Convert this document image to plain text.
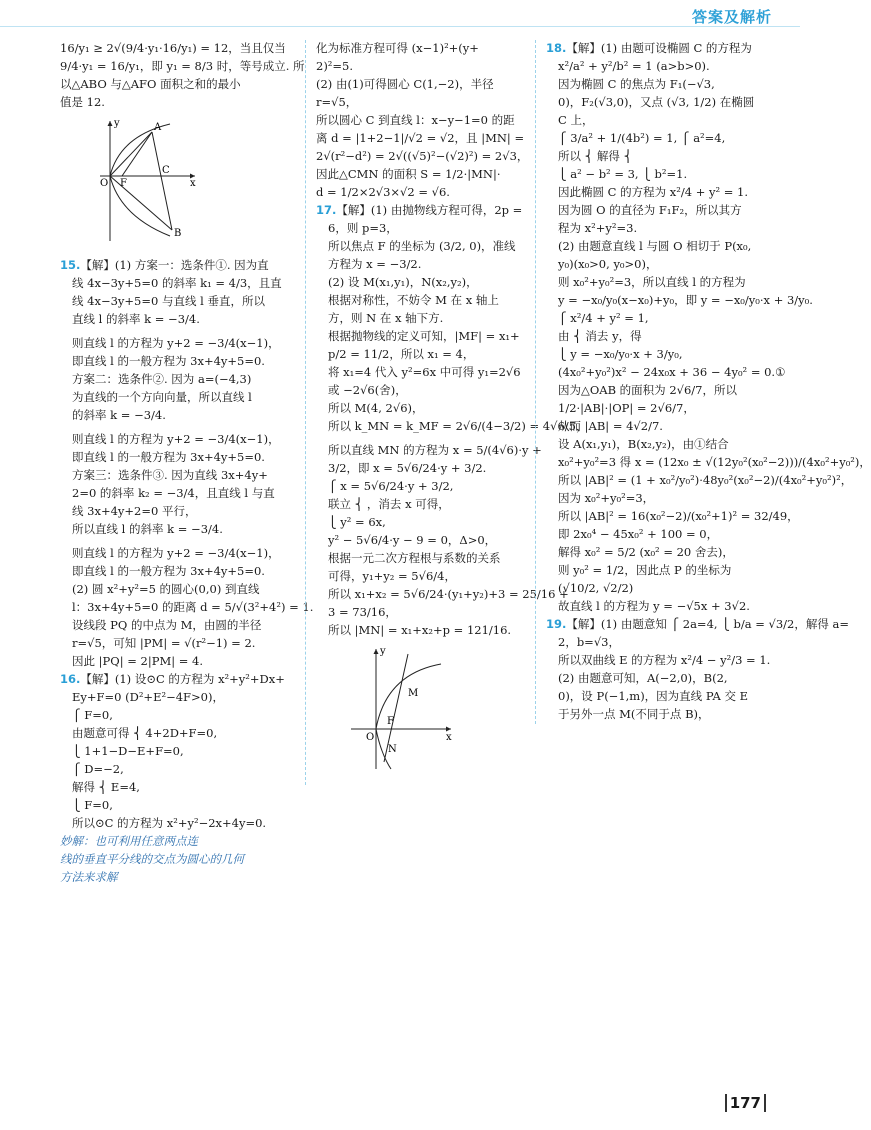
答案及解析
16/y₁ ≥ 2√(9/4·y₁·16/y₁) = 12，当且仅当
9/4·y₁ = 16/y₁，即 y₁ = 8/3 时，等号成立. 所
以△ABO 与△AFO 面积之和的最小
值是 12.
A
C
B
O F	x
y
15.【解】(1) 方案一：选条件①. 因为直
线 4x−3y+5=0 的斜率 k₁ = 4/3，且直
线 4x−3y+5=0 与直线 l 垂直，所以
直线 l 的斜率 k = −3/4.
则直线 l 的方程为 y+2 = −3/4(x−1)，
即直线 l 的一般方程为 3x+4y+5=0.
方案二：选条件②. 因为 a=(−4,3)
为直线的一个方向向量，所以直线 l
的斜率 k = −3/4.
则直线 l 的方程为 y+2 = −3/4(x−1)，
即直线 l 的一般方程为 3x+4y+5=0.
方案三：选条件③. 因为直线 3x+4y+
2=0 的斜率 k₂ = −3/4，且直线 l 与直
线 3x+4y+2=0 平行，
所以直线 l 的斜率 k = −3/4.
则直线 l 的方程为 y+2 = −3/4(x−1)，
即直线 l 的一般方程为 3x+4y+5=0.
(2) 圆 x²+y²=5 的圆心(0,0) 到直线
l：3x+4y+5=0 的距离 d = 5/√(3²+4²) = 1.
设线段 PQ 的中点为 M，由圆的半径
r=√5，可知 |PM| = √(r²−1) = 2.
因此 |PQ| = 2|PM| = 4.
16.【解】(1) 设⊙C 的方程为 x²+y²+Dx+
Ey+F=0 (D²+E²−4F>0)，
⎧ F=0,
由题意可得 ⎨ 4+2D+F=0,
⎩ 1+1−D−E+F=0,
⎧ D=−2,
解得 ⎨ E=4,
⎩ F=0,
所以⊙C 的方程为 x²+y²−2x+4y=0.
妙解：也可利用任意两点连
线的垂直平分线的交点为圆心的几何
方法来求解
化为标准方程可得 (x−1)²+(y+
2)²=5.
(2) 由(1)可得圆心 C(1,−2)，半径
r=√5，
所以圆心 C 到直线 l：x−y−1=0 的距
离 d = |1+2−1|/√2 = √2，且 |MN| =
2√(r²−d²) = 2√((√5)²−(√2)²) = 2√3，
因此△CMN 的面积 S = 1/2·|MN|·
d = 1/2×2√3×√2 = √6.
17.【解】(1) 由抛物线方程可得，2p =
6，则 p=3，
所以焦点 F 的坐标为 (3/2, 0)，准线
方程为 x = −3/2.
(2) 设 M(x₁,y₁)，N(x₂,y₂)，
根据对称性，不妨令 M 在 x 轴上
方，则 N 在 x 轴下方.
根据抛物线的定义可知，|MF| = x₁+
p/2 = 11/2，所以 x₁ = 4，
将 x₁=4 代入 y²=6x 中可得 y₁=2√6
或 −2√6(舍)，
所以 M(4, 2√6)，
所以 k_MN = k_MF = 2√6/(4−3/2) = 4√6/5，
所以直线 MN 的方程为 x = 5/(4√6)·y +
3/2，即 x = 5√6/24·y + 3/2.
⎧ x = 5√6/24·y + 3/2,
联立 ⎨ ，消去 x 可得，
⎩ y² = 6x,
y² − 5√6/4·y − 9 = 0，Δ>0，
根据一元二次方程根与系数的关系
可得，y₁+y₂ = 5√6/4，
所以 x₁+x₂ = 5√6/24·(y₁+y₂)+3 = 25/16 +
3 = 73/16，
所以 |MN| = x₁+x₂+p = 121/16.
M
F
O
N
x
y
18.【解】(1) 由题可设椭圆 C 的方程为
x²/a² + y²/b² = 1 (a>b>0).
因为椭圆 C 的焦点为 F₁(−√3,
0)，F₂(√3,0)，又点 (√3, 1/2) 在椭圆
C 上，
⎧ 3/a² + 1/(4b²) = 1, ⎧ a²=4,
所以 ⎨ 解得 ⎨
⎩ a² − b² = 3, ⎩ b²=1.
因此椭圆 C 的方程为 x²/4 + y² = 1.
因为圆 O 的直径为 F₁F₂，所以其方
程为 x²+y²=3.
(2) 由题意直线 l 与圆 O 相切于 P(x₀,
y₀)(x₀>0, y₀>0)，
则 x₀²+y₀²=3，所以直线 l 的方程为
y = −x₀/y₀(x−x₀)+y₀，即 y = −x₀/y₀·x + 3/y₀.
⎧ x²/4 + y² = 1,
由 ⎨ 消去 y，得
⎩ y = −x₀/y₀·x + 3/y₀,
(4x₀²+y₀²)x² − 24x₀x + 36 − 4y₀² = 0.①
因为△OAB 的面积为 2√6/7，所以
1/2·|AB|·|OP| = 2√6/7，
从而 |AB| = 4√2/7.
设 A(x₁,y₁)，B(x₂,y₂)，由①结合
x₀²+y₀²=3 得 x = (12x₀ ± √(12y₀²(x₀²−2)))/(4x₀²+y₀²)，
所以 |AB|² = (1 + x₀²/y₀²)·48y₀²(x₀²−2)/(4x₀²+y₀²)²，
因为 x₀²+y₀²=3，
所以 |AB|² = 16(x₀²−2)/(x₀²+1)² = 32/49，
即 2x₀⁴ − 45x₀² + 100 = 0，
解得 x₀² = 5/2 (x₀² = 20 舍去)，
则 y₀² = 1/2，因此点 P 的坐标为
(√10/2, √2/2)
故直线 l 的方程为 y = −√5x + 3√2.
19.【解】(1) 由题意知 ⎧ 2a=4, ⎩ b/a = √3/2，解得 a=
2，b=√3，
所以双曲线 E 的方程为 x²/4 − y²/3 = 1.
(2) 由题意可知，A(−2,0)，B(2,
0)，设 P(−1,m)，因为直线 PA 交 E
于另外一点 M(不同于点 B)，
177
